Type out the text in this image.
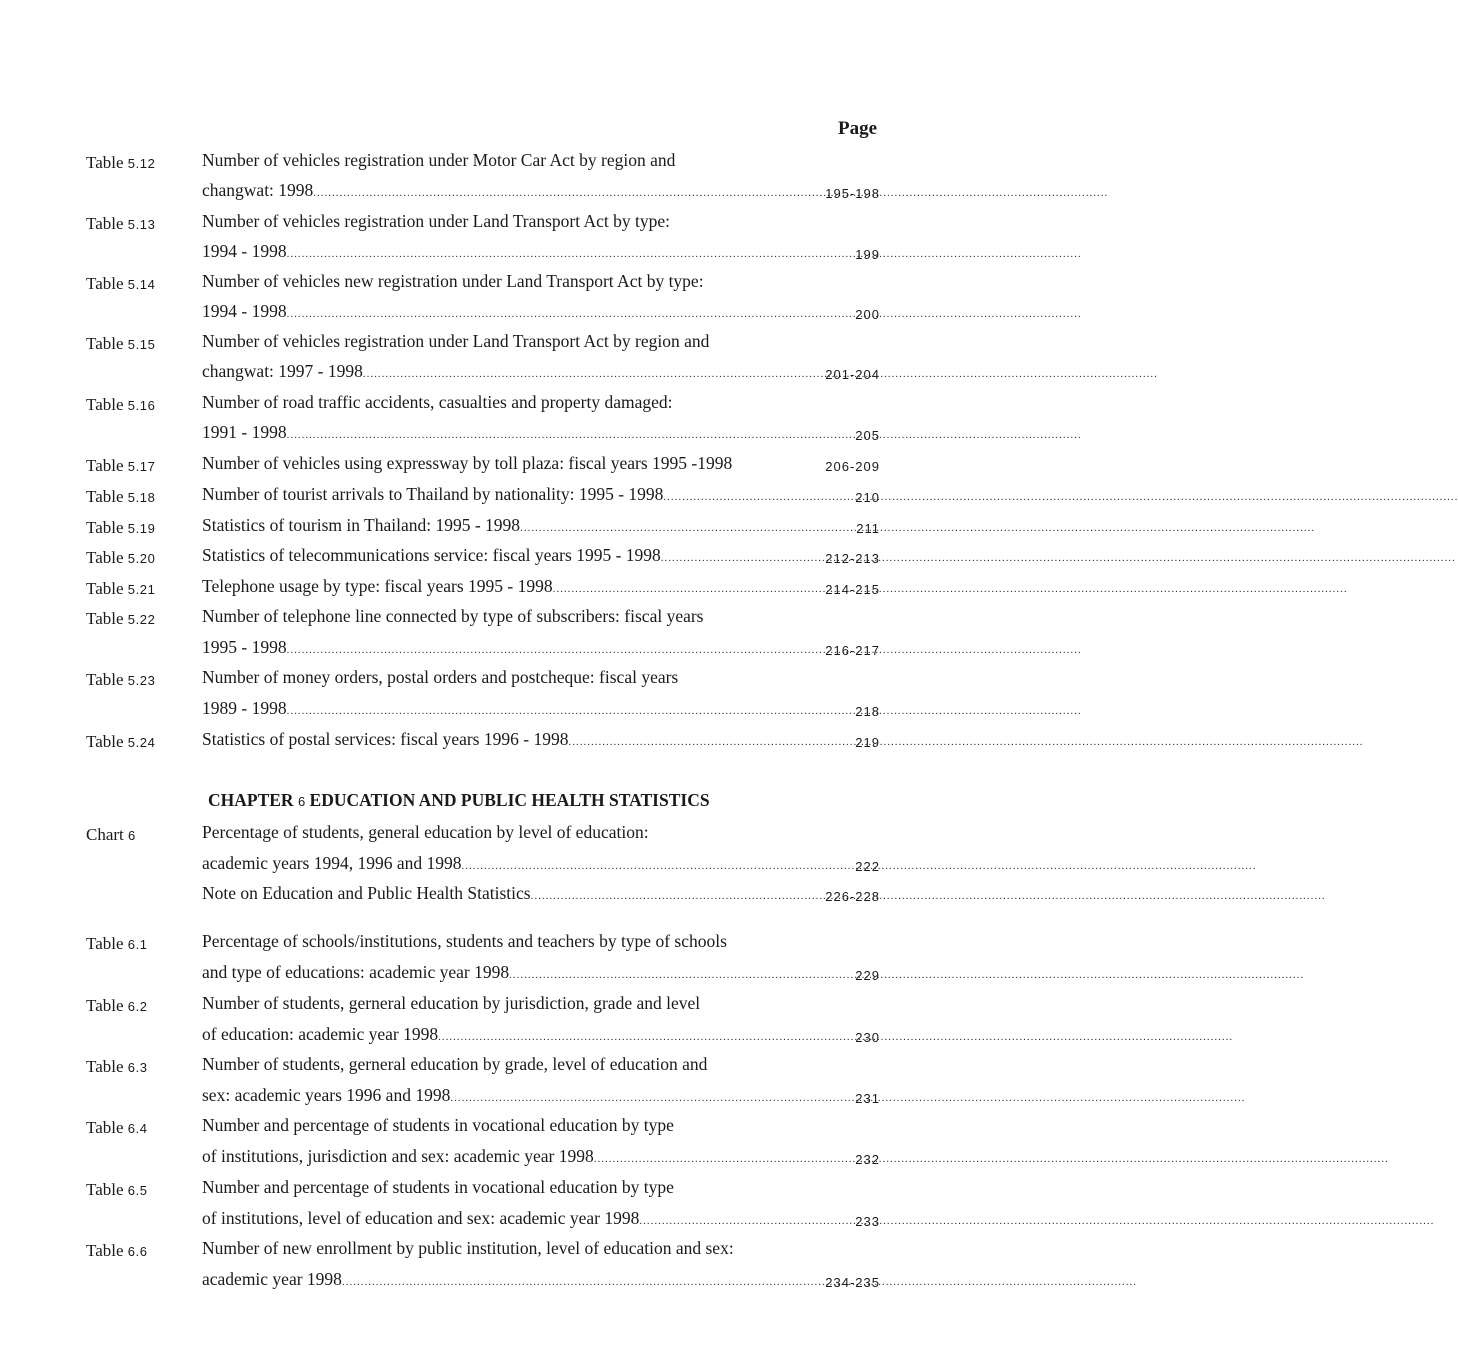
Page
Table 5.12	Number of vehicles registration under Motor Car Act by region and
changwat: 1998 .....	195-198
Table 5.13	Number of vehicles registration under Land Transport Act by type:
1994 - 1998 .....	199
Table 5.14	Number of vehicles new registration under Land Transport Act by type:
1994 - 1998 .....	200
Table 5.15	Number of vehicles registration under Land Transport Act by region and
changwat: 1997 - 1998 .....	201-204
Table 5.16	Number of road traffic accidents, casualties and property damaged:
1991 - 1998 .....	205
Table 5.17	Number of vehicles using expressway by toll plaza: fiscal years 1995 -1998	206-209
Table 5.18	Number of tourist arrivals to Thailand by nationality: 1995 - 1998 .....	210
Table 5.19	Statistics of tourism in Thailand: 1995 - 1998 .....	211
Table 5.20	Statistics of telecommunications service: fiscal years 1995 - 1998 .....	212-213
Table 5.21	Telephone usage by type: fiscal years 1995 - 1998 .....	214-215
Table 5.22	Number of telephone line connected by type of subscribers: fiscal years
1995 - 1998 .....	216-217
Table 5.23	Number of money orders, postal orders and postcheque: fiscal years
1989 - 1998 .....	218
Table 5.24	Statistics of postal services: fiscal years 1996 - 1998 .....	219
CHAPTER 6 EDUCATION AND PUBLIC HEALTH STATISTICS
Chart 6	Percentage of students, general education by level of education:
academic years 1994, 1996 and 1998 .....	222
Note on Education and Public Health Statistics .....	226-228
Table 6.1	Percentage of schools/institutions, students and teachers by type of schools
and type of educations: academic year 1998 .....	229
Table 6.2	Number of students, gerneral education by jurisdiction, grade and level
of education: academic year 1998 .....	230
Table 6.3	Number of students, gerneral education by grade, level of education and
sex: academic years 1996 and 1998 .....	231
Table 6.4	Number and percentage of students in vocational education by type
of institutions, jurisdiction and sex: academic year 1998 .....	232
Table 6.5	Number and percentage of students in vocational education by type
of institutions, level of education and sex: academic year 1998 .....	233
Table 6.6	Number of new enrollment by public institution, level of education and sex:
academic year 1998 .....	234-235
